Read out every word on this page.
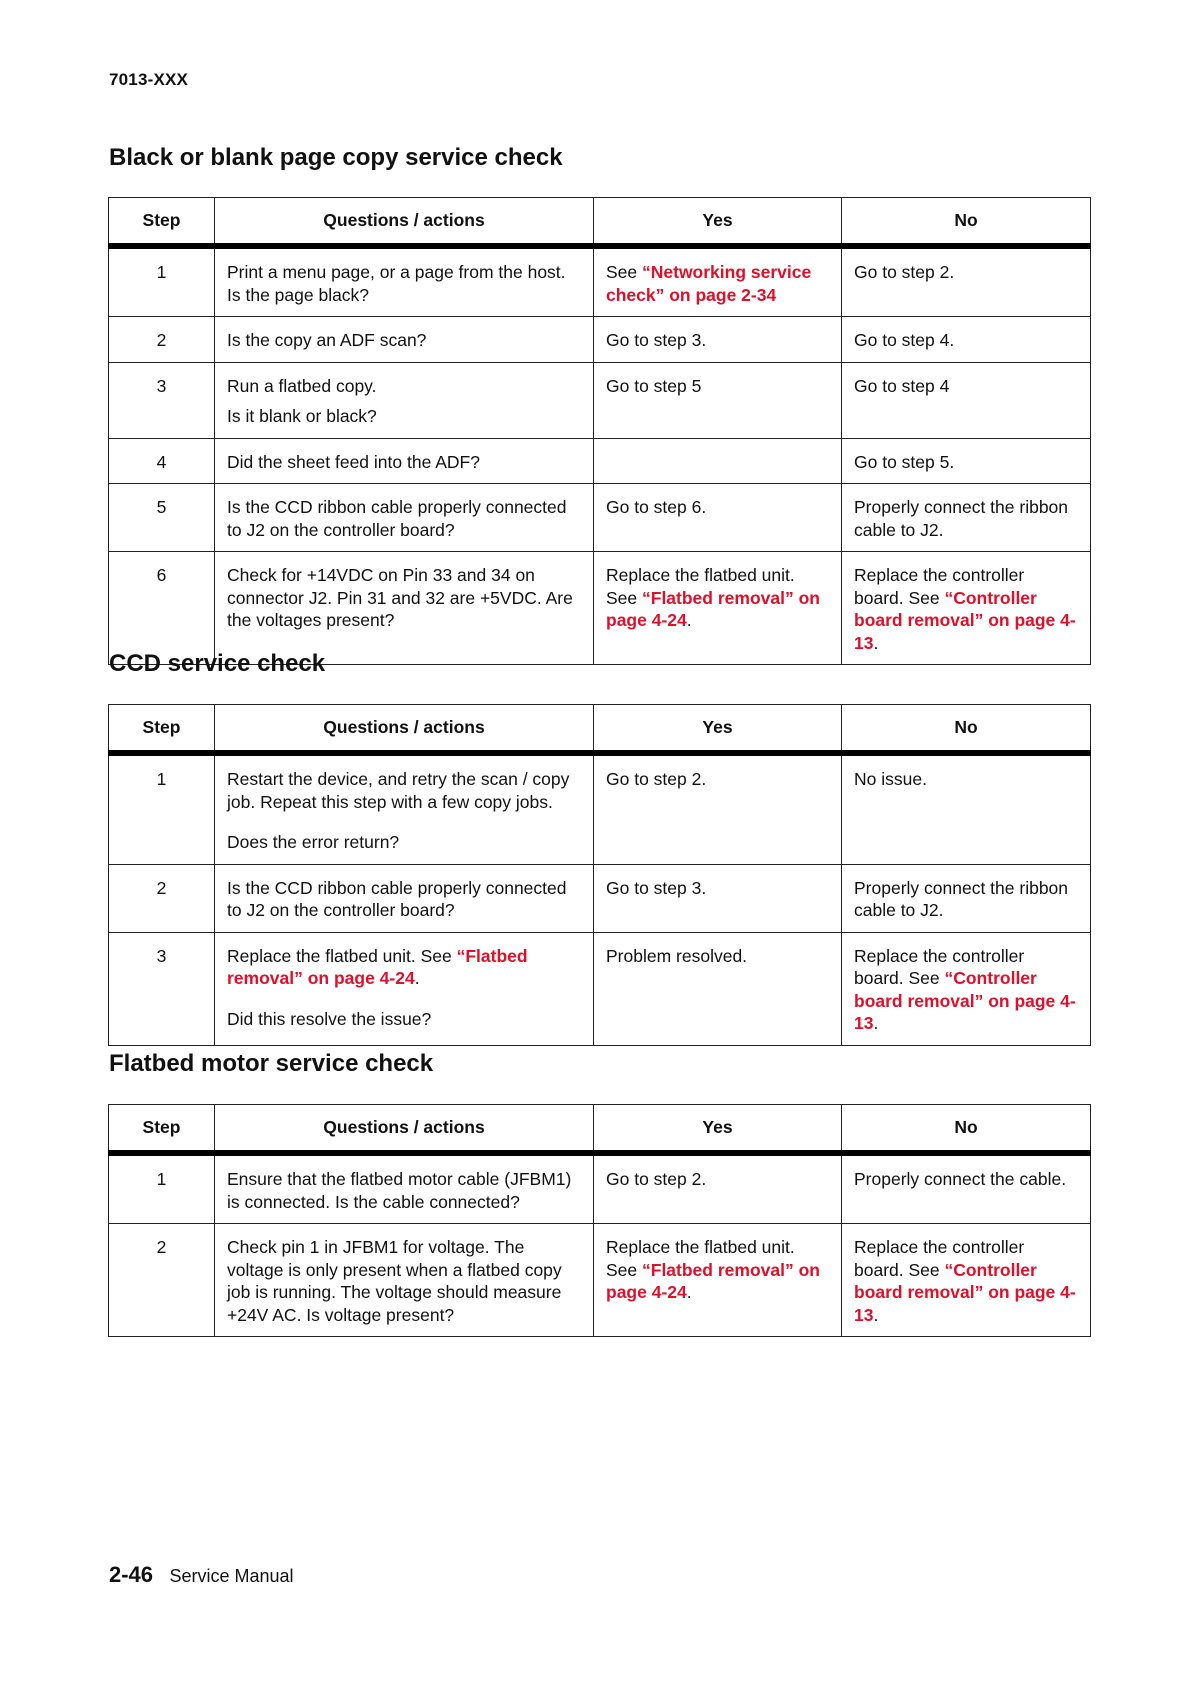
7013-XXX
Black or blank page copy service check
Step	Questions / actions	Yes	No
1	Print a menu page, or a page from the host.
Is the page black?	See “Networking service check” on page 2-34	Go to step 2.
2	Is the copy an ADF scan?	Go to step 3.	Go to step 4.
3	Run a flatbed copy.
Is it blank or black?	Go to step 5	Go to step 4
4	Did the sheet feed into the ADF?		Go to step 5.
5	Is the CCD ribbon cable properly connected to J2 on the controller board?	Go to step 6.	Properly connect the ribbon cable to J2.
6	Check for +14VDC on Pin 33 and 34 on connector J2. Pin 31 and 32 are +5VDC. Are the voltages present?	Replace the flatbed unit. See “Flatbed removal” on page 4-24.	Replace the controller board. See “Controller board removal” on page 4-13.
CCD service check
Step	Questions / actions	Yes	No
1	Restart the device, and retry the scan / copy job. Repeat this step with a few copy jobs.
Does the error return?	Go to step 2.	No issue.
2	Is the CCD ribbon cable properly connected to J2 on the controller board?	Go to step 3.	Properly connect the ribbon cable to J2.
3	Replace the flatbed unit. See “Flatbed removal” on page 4-24.
Did this resolve the issue?	Problem resolved.	Replace the controller board. See “Controller board removal” on page 4-13.
Flatbed motor service check
Step	Questions / actions	Yes	No
1	Ensure that the flatbed motor cable (JFBM1) is connected. Is the cable connected?	Go to step 2.	Properly connect the cable.
2	Check pin 1 in JFBM1 for voltage. The voltage is only present when a flatbed copy job is running. The voltage should measure +24V AC. Is voltage present?	Replace the flatbed unit. See “Flatbed removal” on page 4-24.	Replace the controller board. See “Controller board removal” on page 4-13.
2-46 Service Manual
